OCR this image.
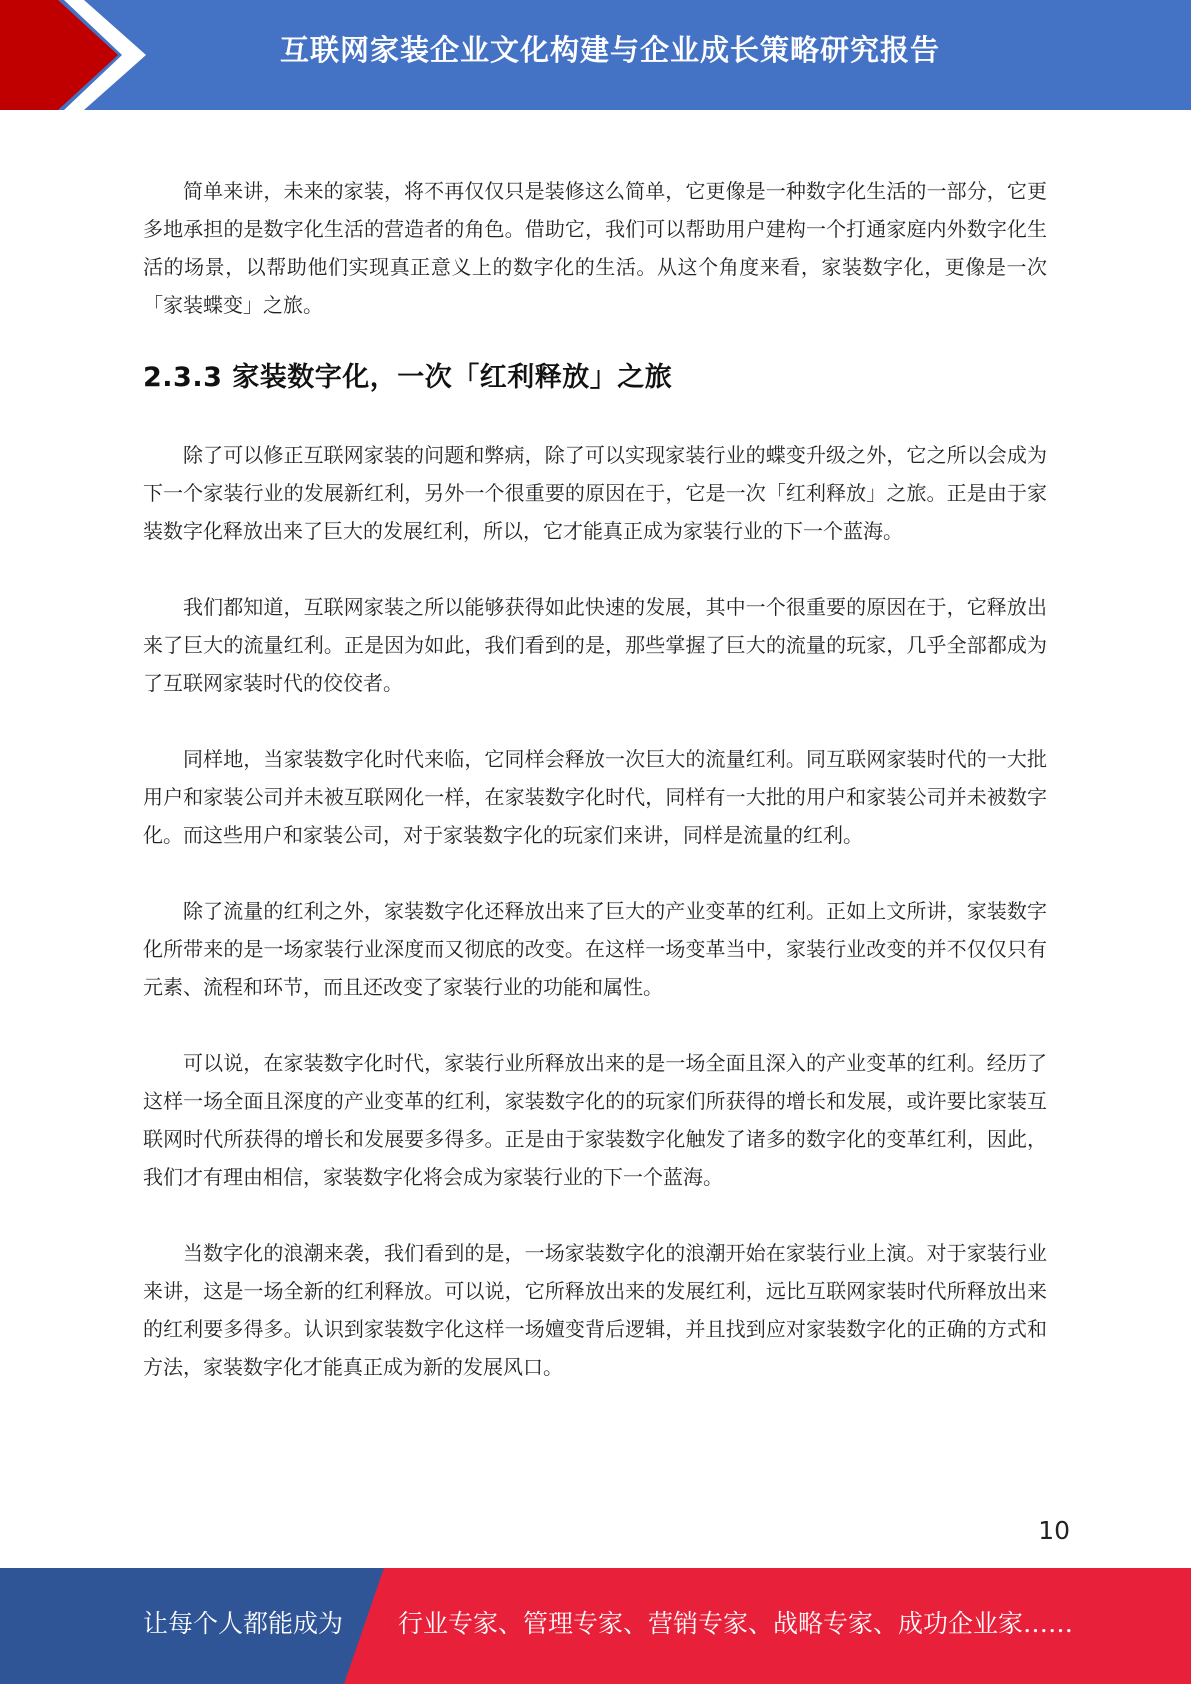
互联网家装企业文化构建与企业成长策略研究报告

简单来讲，未来的家装，将不再仅仅只是装修这么简单，它更像是一种数字化生活的一部分，它更多地承担的是数字化生活的营造者的角色。借助它，我们可以帮助用户建构一个打通家庭内外数字化生活的场景，以帮助他们实现真正意义上的数字化的生活。从这个角度来看，家装数字化，更像是一次「家装蝶变」之旅。

2.3.3 家装数字化，一次「红利释放」之旅

除了可以修正互联网家装的问题和弊病，除了可以实现家装行业的蝶变升级之外，它之所以会成为下一个家装行业的发展新红利，另外一个很重要的原因在于，它是一次「红利释放」之旅。正是由于家装数字化释放出来了巨大的发展红利，所以，它才能真正成为家装行业的下一个蓝海。

我们都知道，互联网家装之所以能够获得如此快速的发展，其中一个很重要的原因在于，它释放出来了巨大的流量红利。正是因为如此，我们看到的是，那些掌握了巨大的流量的玩家，几乎全部都成为了互联网家装时代的佼佼者。

同样地，当家装数字化时代来临，它同样会释放一次巨大的流量红利。同互联网家装时代的一大批用户和家装公司并未被互联网化一样，在家装数字化时代，同样有一大批的用户和家装公司并未被数字化。而这些用户和家装公司，对于家装数字化的玩家们来讲，同样是流量的红利。

除了流量的红利之外，家装数字化还释放出来了巨大的产业变革的红利。正如上文所讲，家装数字化所带来的是一场家装行业深度而又彻底的改变。在这样一场变革当中，家装行业改变的并不仅仅只有元素、流程和环节，而且还改变了家装行业的功能和属性。

可以说，在家装数字化时代，家装行业所释放出来的是一场全面且深入的产业变革的红利。经历了这样一场全面且深度的产业变革的红利，家装数字化的的玩家们所获得的增长和发展，或许要比家装互联网时代所获得的增长和发展要多得多。正是由于家装数字化触发了诸多的数字化的变革红利，因此，我们才有理由相信，家装数字化将会成为家装行业的下一个蓝海。

当数字化的浪潮来袭，我们看到的是，一场家装数字化的浪潮开始在家装行业上演。对于家装行业来讲，这是一场全新的红利释放。可以说，它所释放出来的发展红利，远比互联网家装时代所释放出来的红利要多得多。认识到家装数字化这样一场嬗变背后逻辑，并且找到应对家装数字化的正确的方式和方法，家装数字化才能真正成为新的发展风口。

10
让每个人都能成为 行业专家、管理专家、营销专家、战略专家、成功企业家……
